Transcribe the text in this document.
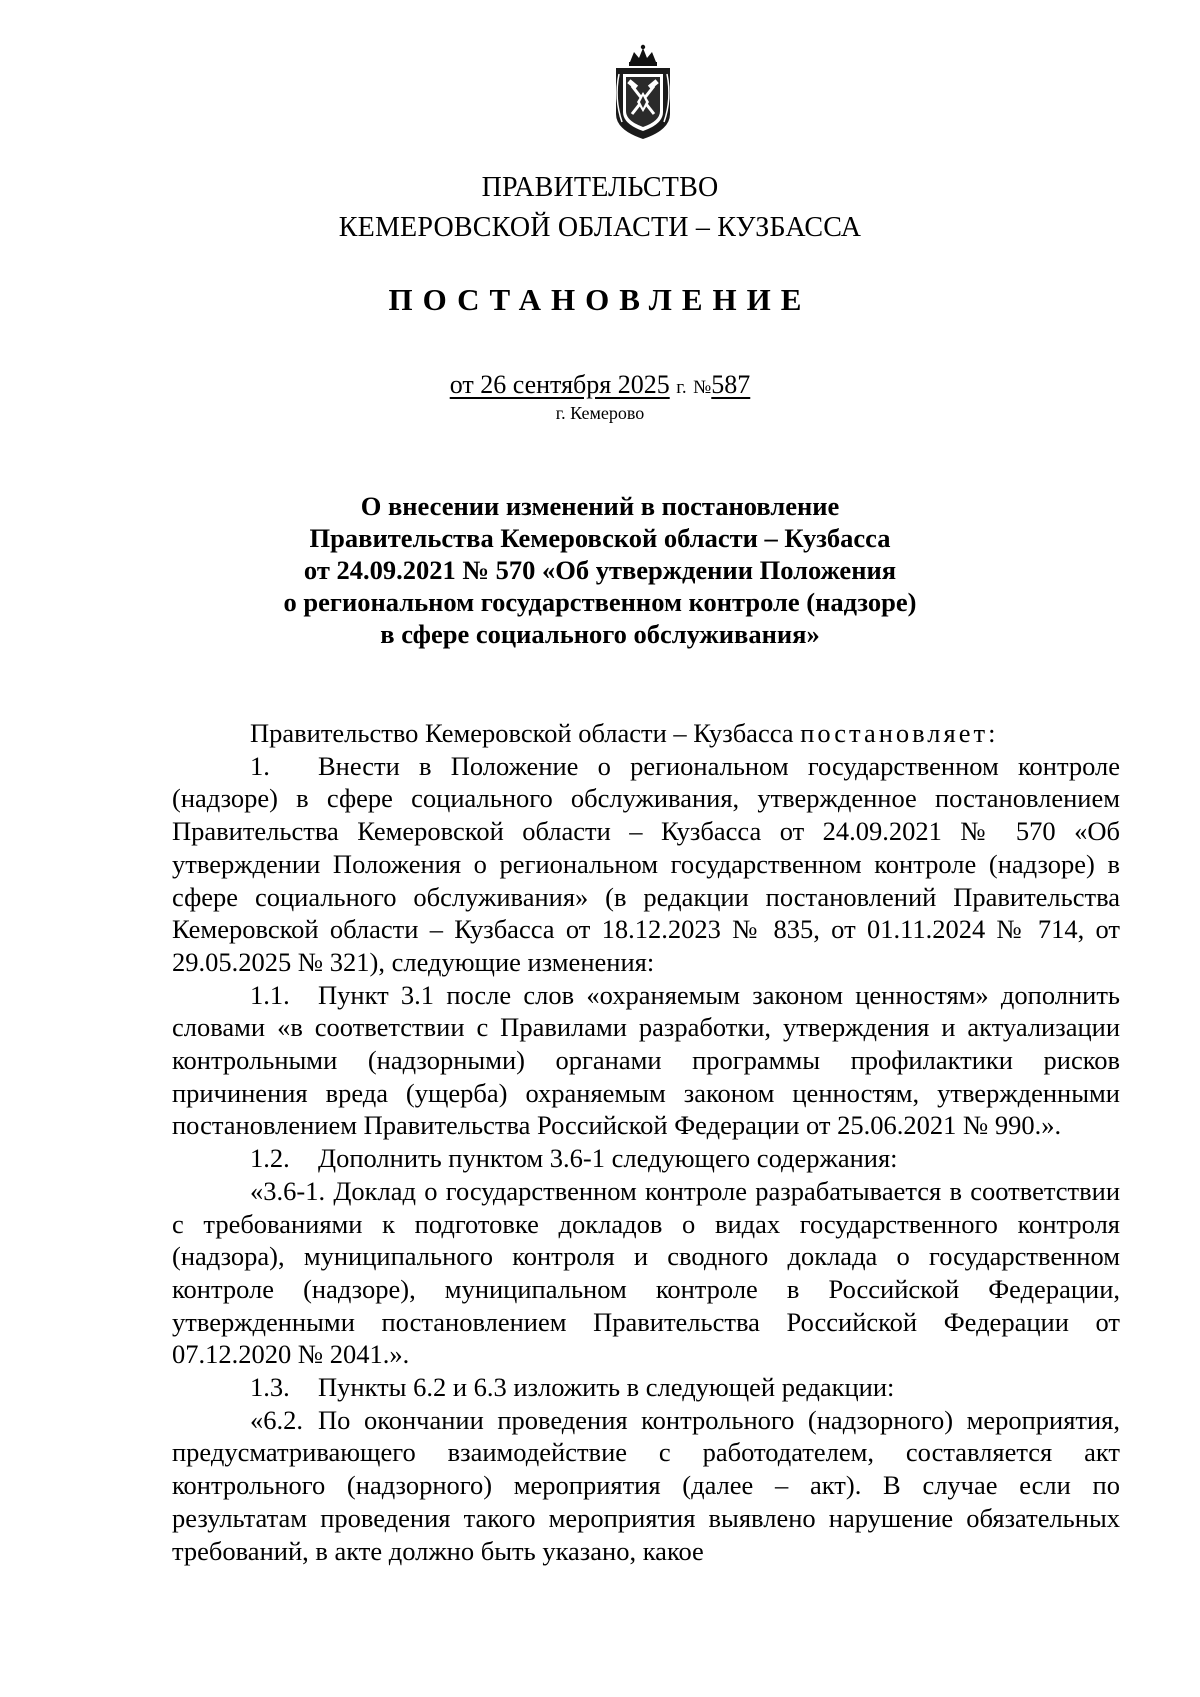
ПРАВИТЕЛЬСТВО
КЕМЕРОВСКОЙ ОБЛАСТИ – КУЗБАССА
ПОСТАНОВЛЕНИЕ
от 26 сентября 2025 г. №587
г. Кемерово
О внесении изменений в постановление
Правительства Кемеровской области – Кузбасса
от 24.09.2021 № 570 «Об утверждении Положения
о региональном государственном контроле (надзоре)
в сфере социального обслуживания»

Правительство Кемеровской области – Кузбасса постановляет:

1. Внести в Положение о региональном государственном контроле (надзоре) в сфере социального обслуживания, утвержденное постановлением Правительства Кемеровской области – Кузбасса от 24.09.2021 № 570 «Об утверждении Положения о региональном государственном контроле (надзоре) в сфере социального обслуживания» (в редакции постановлений Правительства Кемеровской области – Кузбасса от 18.12.2023 № 835, от 01.11.2024 № 714, от 29.05.2025 № 321), следующие изменения:

1.1. Пункт 3.1 после слов «охраняемым законом ценностям» дополнить словами «в соответствии с Правилами разработки, утверждения и актуализации контрольными (надзорными) органами программы профилактики рисков причинения вреда (ущерба) охраняемым законом ценностям, утвержденными постановлением Правительства Российской Федерации от 25.06.2021 № 990.».

1.2. Дополнить пунктом 3.6-1 следующего содержания:

«3.6-1. Доклад о государственном контроле разрабатывается в соответствии с требованиями к подготовке докладов о видах государственного контроля (надзора), муниципального контроля и сводного доклада о государственном контроле (надзоре), муниципальном контроле в Российской Федерации, утвержденными постановлением Правительства Российской Федерации от 07.12.2020 № 2041.».

1.3. Пункты 6.2 и 6.3 изложить в следующей редакции:

«6.2. По окончании проведения контрольного (надзорного) мероприятия, предусматривающего взаимодействие с работодателем, составляется акт контрольного (надзорного) мероприятия (далее – акт). В случае если по результатам проведения такого мероприятия выявлено нарушение обязательных требований, в акте должно быть указано, какое
